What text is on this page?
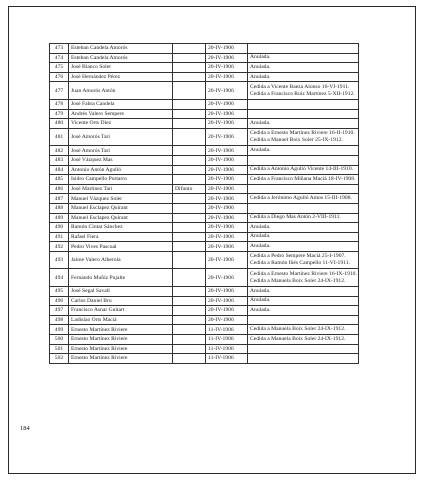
473	Esteban Candela Amorós		20-IV-1906	
474	Esteban Candela Amorós		20-IV-1906	Anulada.

475	José Blanco Soler		20-IV-1906	Anulada.

476	José Hernández Pérez		20-IV-1906	Anulada.

477	Juan Amorós Antón		20-IV-1906	Cedida a Vicente Baeza Alonso 16-VI-1911.
Cedida a Francisco Ruiz Martínez 5-XII-1912.

478	José Fabra Candela		20-IV-1906	
479	Andrés Valero Sempere		20-IV-1906	
480	Vicente Orts Díez		20-IV-1906	Anulada.

481	José Amorós Tarí		20-IV-1906	Cedida a Ernesto Martínez Riviere 16-II-1910.
Cedida a Manuel Boix Soler 25-IX-1912.

482	José Amorós Tarí		20-IV-1906	Anulada.

483	José Vázquez Mas		20-IV-1906	
484	Antonio Antón Agulló		20-IV-1906	Cedida a Antonio Agulló Vicente 14-III-1910.

485	Isidro Campello Portarro		20-IV-1906	Cedida a Francisco Miñana Maciá 18-IV-1908.

486	José Martínez Tarí	Difunto	20-IV-1906	
487	Manuel Vázquez Soler		20-IV-1906	Cedida a Jerónimo Agulló Amos 15-III-1908.

488	Manuel Esclapez Quirant		20-IV-1906	
489	Manuel Esclapez Quirant		20-IV-1906	Cedida a Diego Mas Antón 2-VIII-1911.

490	Ramón Cintar Sánchez		20-IV-1906	Anulada.

491	Rafael Fiera		20-IV-1906	Anulada.

492	Pedro Vives Pascual		20-IV-1906	Anulada.

493	Jaime Valero Alberola		20-IV-1906	Cedida a Pedro Sempere Maciá 25-I-1907.
Cedida a Ramón Iñés Campello 11-VI-1911.

494	Fernando Muñiz Pujalte		20-IV-1906	Cedida a Ernesto Martínez Riviere 16-IX-1910.
Cedida a Manuela Boix Soler 24-IX-1912.

495	José Segal Savall		20-IV-1906	Anulada.

496	Carlos Daniel Bru		20-IV-1906	Anulada.

497	Francisco Asnar Guitart		20-IV-1906	Anulada.

498	Ladislao Orts Maciá		20-IV-1906	
499	Ernesto Martínez Riviere		11-IV-1906	Cedida a Manuela Boix Soler 24-IX-1912.

500	Ernesto Martínez Riviere		11-IV-1906	Cedida a Manuela Boix Soler 24-IX-1912.

501	Ernesto Martínez Riviere		11-IV-1906	
502	Ernesto Martínez Riviere		11-IV-1906	
184
